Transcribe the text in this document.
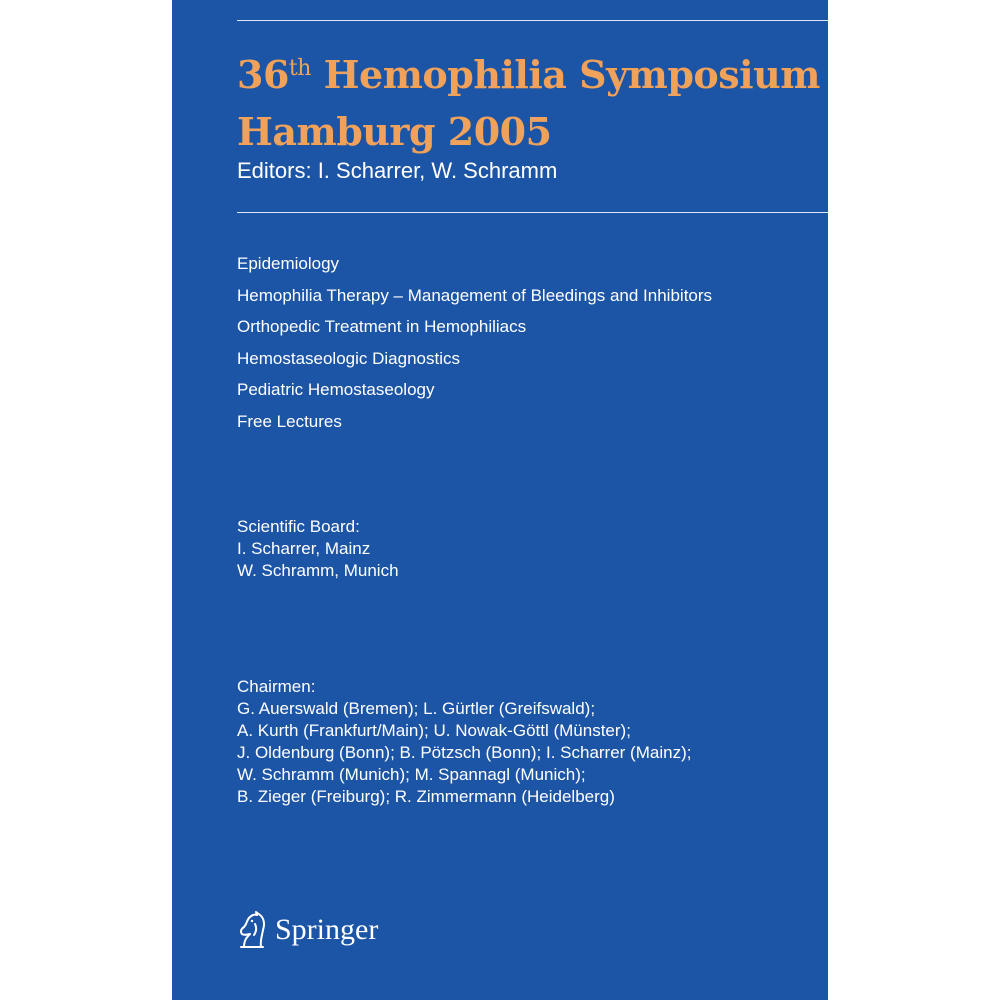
36th Hemophilia Symposium
Hamburg 2005
Editors: I. Scharrer, W. Schramm
Epidemiology
Hemophilia Therapy – Management of Bleedings and Inhibitors
Orthopedic Treatment in Hemophiliacs
Hemostaseologic Diagnostics
Pediatric Hemostaseology
Free Lectures
Scientific Board:
I. Scharrer, Mainz
W. Schramm, Munich
Chairmen:
G. Auerswald (Bremen); L. Gürtler (Greifswald);
A. Kurth (Frankfurt/Main); U. Nowak-Göttl (Münster);
J. Oldenburg (Bonn); B. Pötzsch (Bonn); I. Scharrer (Mainz);
W. Schramm (Munich); M. Spannagl (Munich);
B. Zieger (Freiburg); R. Zimmermann (Heidelberg)
Springer
